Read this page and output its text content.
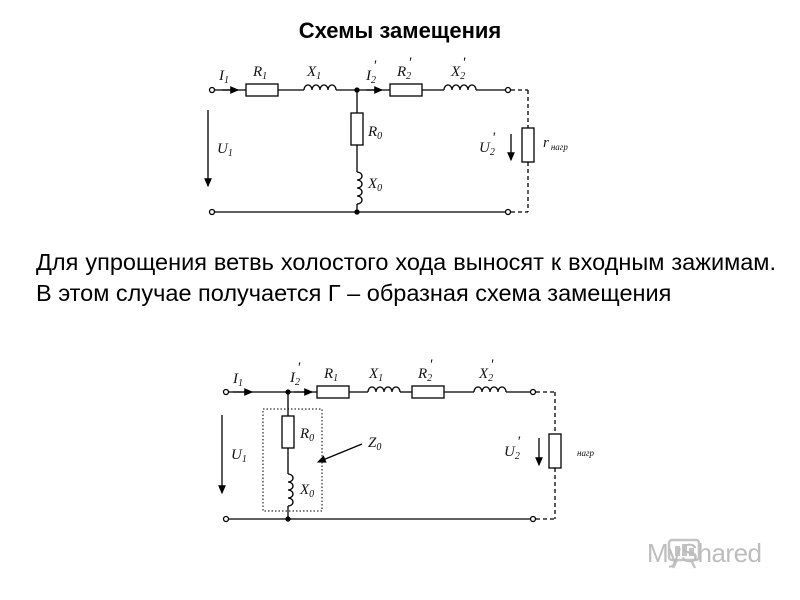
Схемы замещения
$I_1$
$R_1$	$X_1$	$I_2'$ $R_2'$
$X_2'$
$U_1$
$R_0$
$X_0$
$U_2'$	r $_{нагр}$
$I_1$	$I_2'$ $R_1$ $X_1$ $R_2'$
$X_2'$
$U_1$
$R_0$
$X_0$
$Z_0$	$U_2'$
нагр
Для упрощения ветвь холостого хода выносят к входным зажимам. В этом случае получается Г – образная схема замещения
MyShared
